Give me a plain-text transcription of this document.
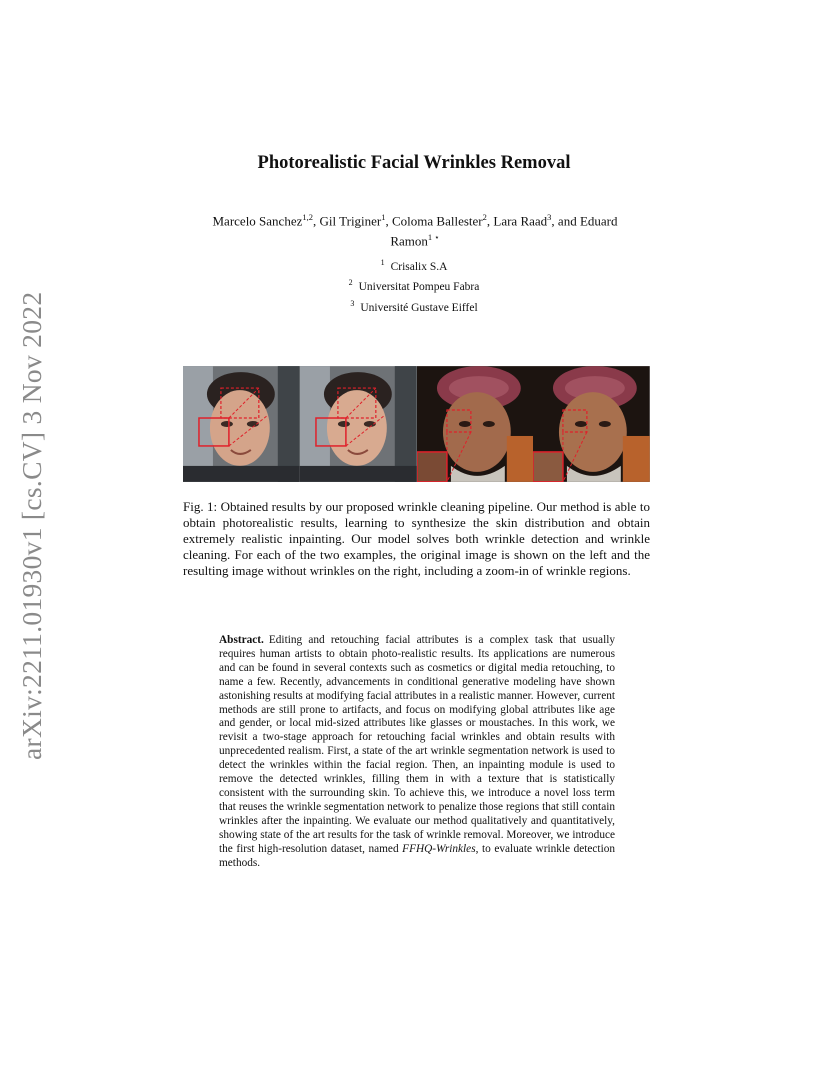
arXiv:2211.01930v1 [cs.CV] 3 Nov 2022
Photorealistic Facial Wrinkles Removal
Marcelo Sanchez$^{1,2}$, Gil Triginer$^1$, Coloma Ballester$^2$, Lara Raad$^3$, and Eduard Ramon$^{1 ⋆}$
$^1$ Crisalix S.A
$^2$ Universitat Pompeu Fabra
$^3$ Université Gustave Eiffel

Fig. 1: Obtained results by our proposed wrinkle cleaning pipeline. Our method is able to obtain photorealistic results, learning to synthesize the skin distribution and obtain extremely realistic inpainting. Our model solves both wrinkle detection and wrinkle cleaning. For each of the two examples, the original image is shown on the left and the resulting image without wrinkles on the right, including a zoom-in of wrinkle regions.

Abstract. Editing and retouching facial attributes is a complex task that usually requires human artists to obtain photo-realistic results. Its applications are numerous and can be found in several contexts such as cosmetics or digital media retouching, to name a few. Recently, advancements in conditional generative modeling have shown astonishing results at modifying facial attributes in a realistic manner. However, current methods are still prone to artifacts, and focus on modifying global attributes like age and gender, or local mid-sized attributes like glasses or moustaches. In this work, we revisit a two-stage approach for retouching facial wrinkles and obtain results with unprecedented realism. First, a state of the art wrinkle segmentation network is used to detect the wrinkles within the facial region. Then, an inpainting module is used to remove the detected wrinkles, filling them in with a texture that is statistically consistent with the surrounding skin. To achieve this, we introduce a novel loss term that reuses the wrinkle segmentation network to penalize those regions that still contain wrinkles after the inpainting. We evaluate our method qualitatively and quantitatively, showing state of the art results for the task of wrinkle removal. Moreover, we introduce the first high-resolution dataset, named FFHQ-Wrinkles, to evaluate wrinkle detection methods.
